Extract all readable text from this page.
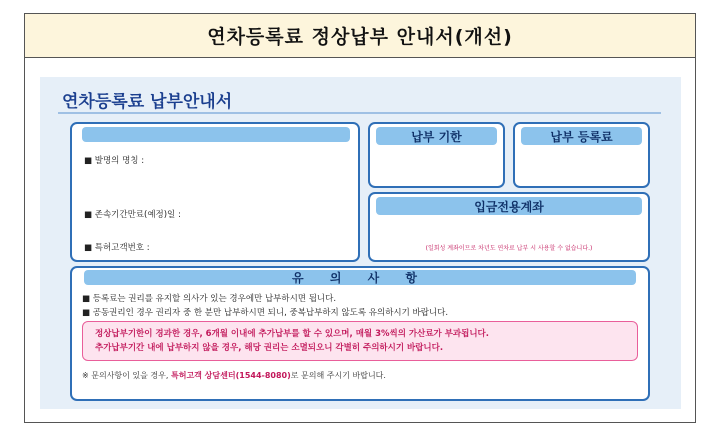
연차등록료 정상납부 안내서(개선)
연차등록료 납부안내서
■ 발명의 명칭 :
■ 존속기간만료(예정)일 :
■ 특허고객번호 :
납부 기한	납부 등록료
입금전용계좌
(일회성 계좌이므로 차년도 연차료 납부 시 사용할 수 없습니다.)
유 의 사 항
■ 등록료는 권리를 유지할 의사가 있는 경우에만 납부하시면 됩니다.
■ 공동권리인 경우 권리자 중 한 분만 납부하시면 되니, 중복납부하지 않도록 유의하시기 바랍니다.
정상납부기한이 경과한 경우, 6개월 이내에 추가납부를 할 수 있으며, 매월 3%씩의 가산료가 부과됩니다.
추가납부기간 내에 납부하지 않을 경우, 해당 권리는 소멸되오니 각별히 주의하시기 바랍니다.
※ 문의사항이 있을 경우, 특허고객 상담센터(1544-8080)로 문의해 주시기 바랍니다.
